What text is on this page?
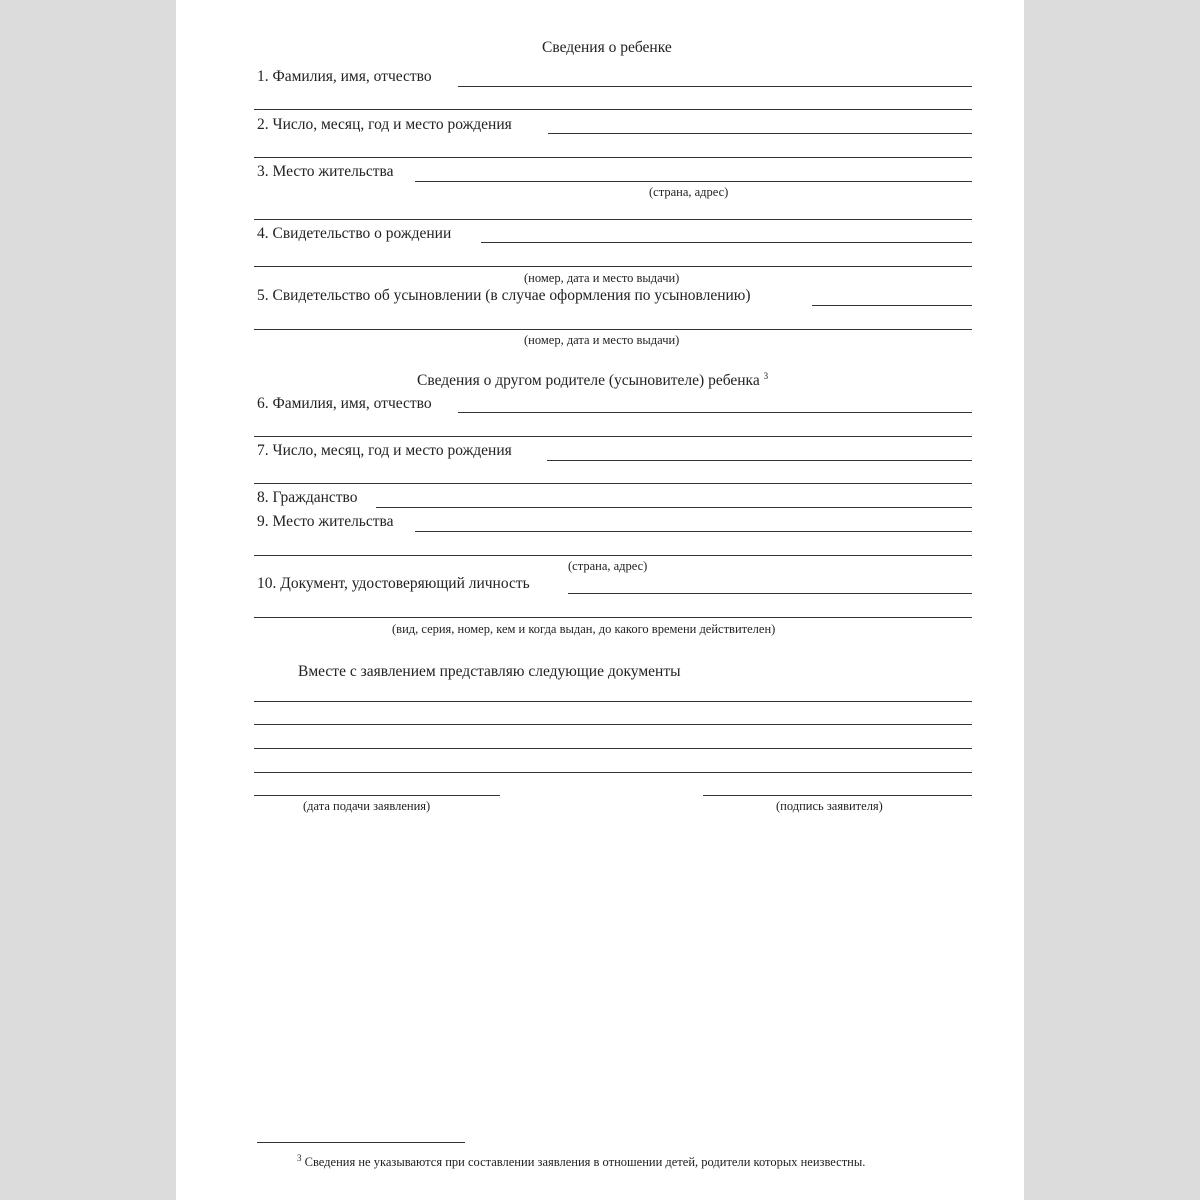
Сведения о ребенке
1. Фамилия, имя, отчество
2. Число, месяц, год и место рождения
3. Место жительства
(страна, адрес)
4. Свидетельство о рождении
(номер, дата и место выдачи)
5. Свидетельство об усыновлении (в случае оформления по усыновлению)
(номер, дата и место выдачи)
Сведения о другом родителе (усыновителе) ребенка $^3$
6. Фамилия, имя, отчество
7. Число, месяц, год и место рождения
8. Гражданство
9. Место жительства
(страна, адрес)
10. Документ, удостоверяющий личность
(вид, серия, номер, кем и когда выдан, до какого времени действителен)
Вместе с заявлением представляю следующие документы
(дата подачи заявления)	(подпись заявителя)
$^3$ Сведения не указываются при составлении заявления в отношении детей, родители которых неизвестны.
